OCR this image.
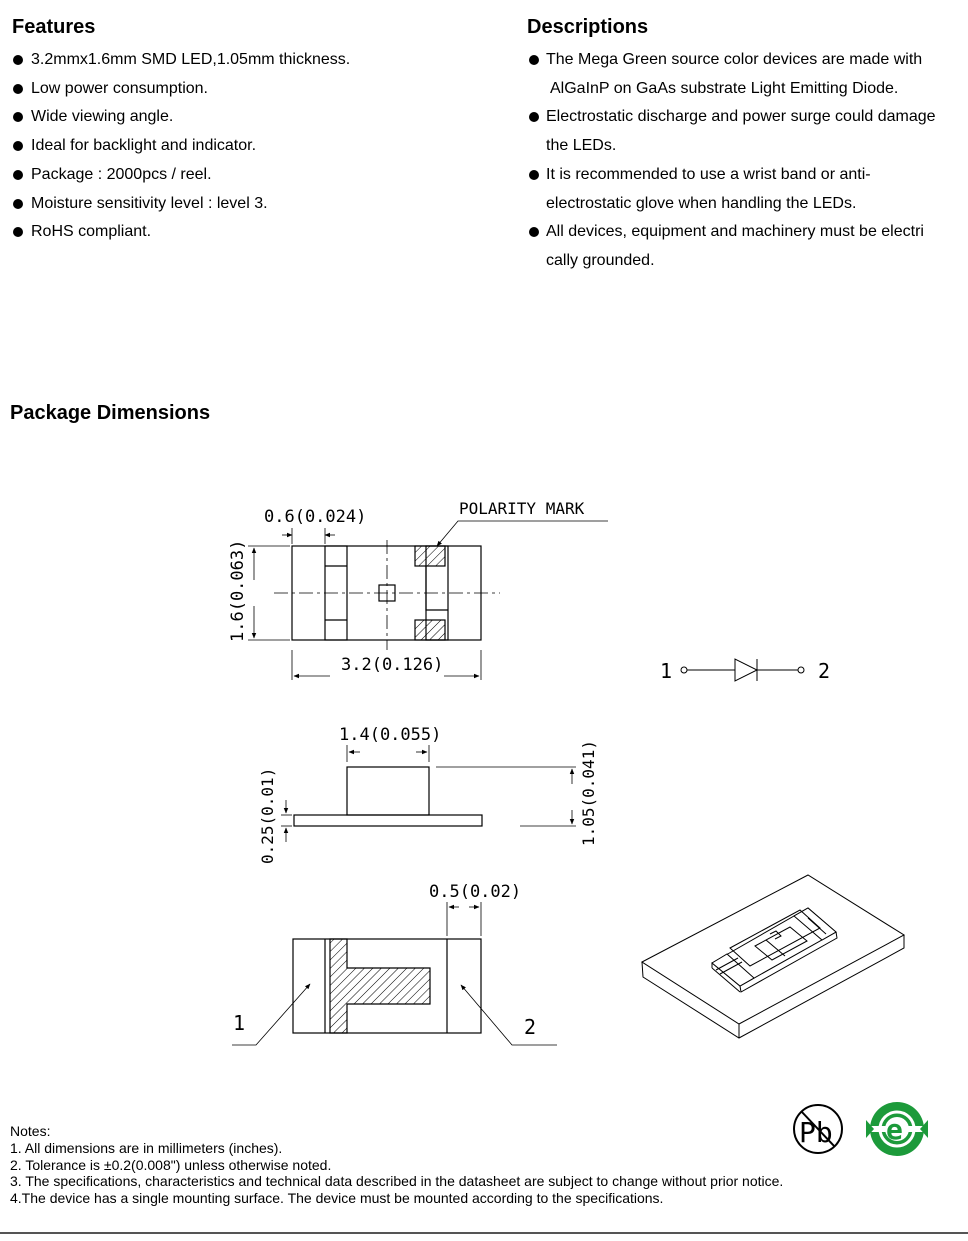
Features	Descriptions
3.2mmx1.6mm SMD LED,1.05mm thickness.
Low power consumption.
Wide viewing angle.
Ideal for backlight and indicator.
Package : 2000pcs / reel.
Moisture sensitivity level : level 3.
RoHS compliant.
The Mega Green source color devices are made with
AlGaInP on GaAs substrate Light Emitting Diode.
Electrostatic discharge and power surge could damage
the LEDs.
It is recommended to use a wrist band or anti-
electrostatic glove when handling the LEDs.
All devices, equipment and machinery must be electri
cally grounded.
Package Dimensions
0.6(0.024)	POLARITY MARK
1.6(0.063)
3.2(0.126)	1	2
1.4(0.055)
0.25(0.01)	1.05(0.041)
0.5(0.02)
1	2
Pb e
Notes:
1. All dimensions are in millimeters (inches).
2. Tolerance is ±0.2(0.008") unless otherwise noted.
3. The specifications, characteristics and technical data described in the datasheet are subject to change without prior notice.
4.The device has a single mounting surface. The device must be mounted according to the specifications.
